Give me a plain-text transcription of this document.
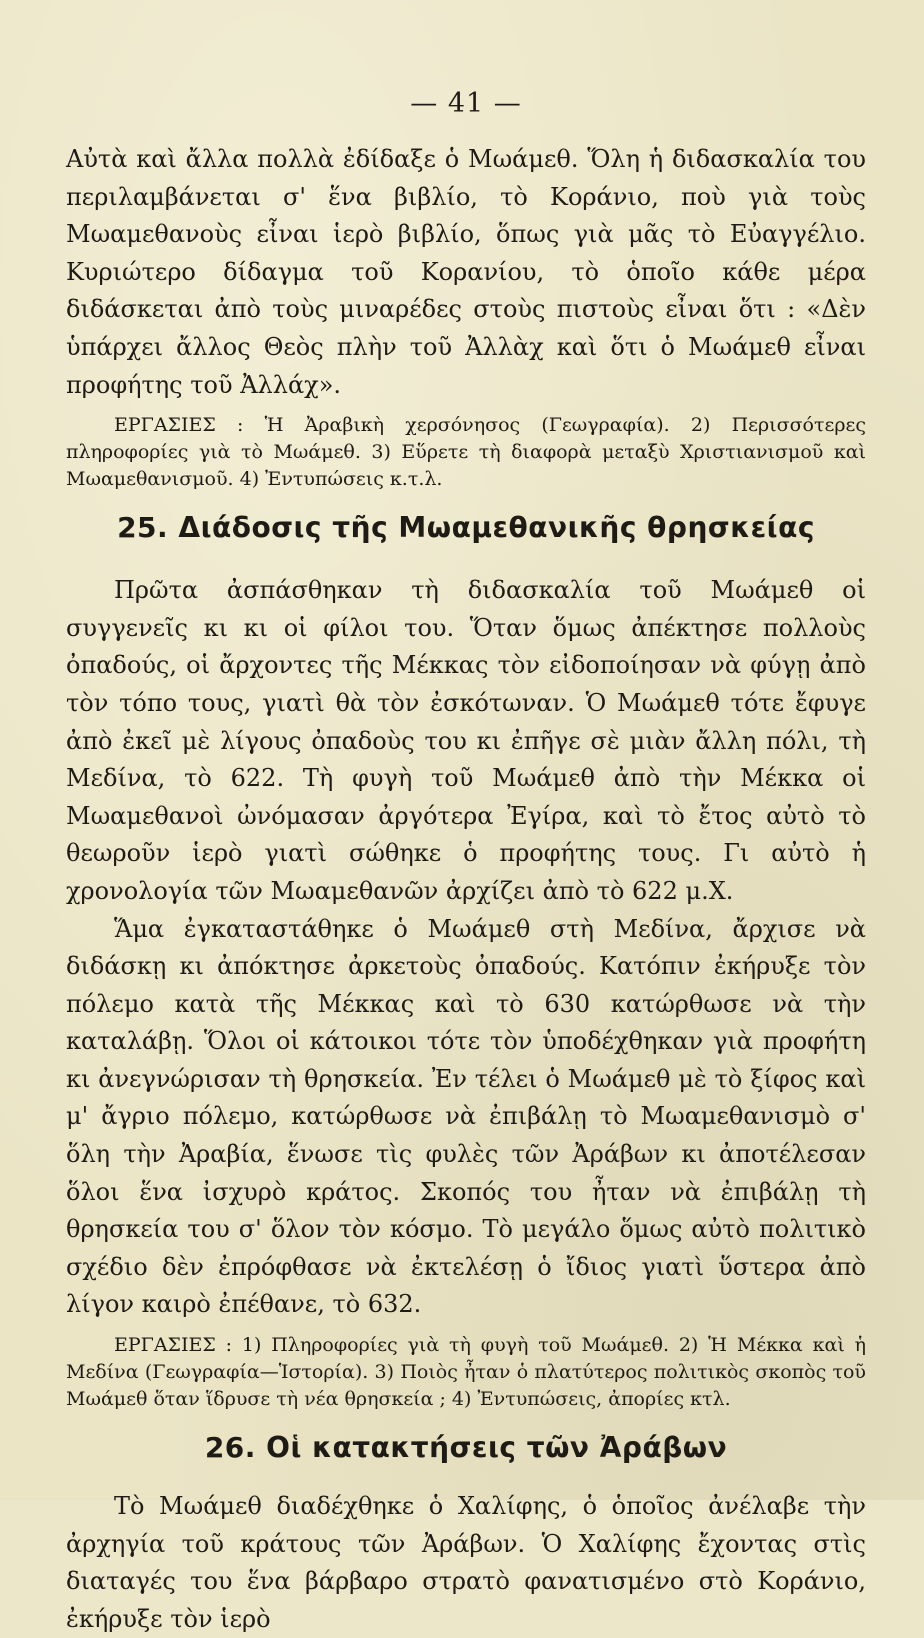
— 41 —

Αὐτὰ καὶ ἄλλα πολλὰ ἐδίδαξε ὁ Μωάμεθ. Ὅλη ἡ διδασκαλία του περιλαμβάνεται σ' ἕνα βιβλίο, τὸ Κοράνιο, ποὺ γιὰ τοὺς Μωαμεθανοὺς εἶναι ἱερὸ βιβλίο, ὅπως γιὰ μᾶς τὸ Εὐαγγέλιο. Κυριώτερο δίδαγμα τοῦ Κορανίου, τὸ ὁποῖο κάθε μέρα διδάσκεται ἀπὸ τοὺς μιναρέδες στοὺς πιστοὺς εἶναι ὅτι : «Δὲν ὑπάρχει ἄλλος Θεὸς πλὴν τοῦ Ἀλλὰχ καὶ ὅτι ὁ Μωάμεθ εἶναι προφήτης τοῦ Ἀλλάχ».

ΕΡΓΑΣΙΕΣ : Ἡ Ἀραβικὴ χερσόνησος (Γεωγραφία). 2) Περισσότερες πληροφορίες γιὰ τὸ Μωάμεθ. 3) Εὕρετε τὴ διαφορὰ μεταξὺ Χριστιανισμοῦ καὶ Μωαμεθανισμοῦ. 4) Ἐντυπώσεις κ.τ.λ.

25. Διάδοσις τῆς Μωαμεθανικῆς θρησκείας

Πρῶτα ἀσπάσθηκαν τὴ διδασκαλία τοῦ Μωάμεθ οἱ συγγενεῖς κι κι οἱ φίλοι του. Ὅταν ὅμως ἀπέκτησε πολλοὺς ὀπαδούς, οἱ ἄρχοντες τῆς Μέκκας τὸν εἰδοποίησαν νὰ φύγῃ ἀπὸ τὸν τόπο τους, γιατὶ θὰ τὸν ἐσκότωναν. Ὁ Μωάμεθ τότε ἔφυγε ἀπὸ ἐκεῖ μὲ λίγους ὀπαδοὺς του κι ἐπῆγε σὲ μιὰν ἄλλη πόλι, τὴ Μεδίνα, τὸ 622. Τὴ φυγὴ τοῦ Μωάμεθ ἀπὸ τὴν Μέκκα οἱ Μωαμεθανοὶ ὠνόμασαν ἀργότερα Ἐγίρα, καὶ τὸ ἔτος αὐτὸ τὸ θεωροῦν ἱερὸ γιατὶ σώθηκε ὁ προφήτης τους. Γι αὐτὸ ἡ χρονολογία τῶν Μωαμεθανῶν ἀρχίζει ἀπὸ τὸ 622 μ.Χ.

Ἅμα ἐγκαταστάθηκε ὁ Μωάμεθ στὴ Μεδίνα, ἄρχισε νὰ διδάσκῃ κι ἀπόκτησε ἀρκετοὺς ὀπαδούς. Κατόπιν ἐκήρυξε τὸν πόλεμο κατὰ τῆς Μέκκας καὶ τὸ 630 κατώρθωσε νὰ τὴν καταλάβῃ. Ὅλοι οἱ κάτοικοι τότε τὸν ὑποδέχθηκαν γιὰ προφήτη κι ἀνεγνώρισαν τὴ θρησκεία. Ἐν τέλει ὁ Μωάμεθ μὲ τὸ ξίφος καὶ μ' ἄγριο πόλεμο, κατώρθωσε νὰ ἐπιβάλῃ τὸ Μωαμεθανισμὸ σ' ὅλη τὴν Ἀραβία, ἕνωσε τὶς φυλὲς τῶν Ἀράβων κι ἀποτέλεσαν ὅλοι ἕνα ἰσχυρὸ κράτος. Σκοπός του ἦταν νὰ ἐπιβάλῃ τὴ θρησκεία του σ' ὅλον τὸν κόσμο. Τὸ μεγάλο ὅμως αὐτὸ πολιτικὸ σχέδιο δὲν ἐπρόφθασε νὰ ἐκτελέσῃ ὁ ἴδιος γιατὶ ὕστερα ἀπὸ λίγον καιρὸ ἐπέθανε, τὸ 632.

ΕΡΓΑΣΙΕΣ : 1) Πληροφορίες γιὰ τὴ φυγὴ τοῦ Μωάμεθ. 2) Ἡ Μέκκα καὶ ἡ Μεδίνα (Γεωγραφία—Ἱστορία). 3) Ποιὸς ἦταν ὁ πλατύτερος πολιτικὸς σκοπὸς τοῦ Μωάμεθ ὅταν ἵδρυσε τὴ νέα θρησκεία ; 4) Ἐντυπώσεις, ἀπορίες κτλ.

26. Οἱ κατακτήσεις τῶν Ἀράβων

Τὸ Μωάμεθ διαδέχθηκε ὁ Χαλίφης, ὁ ὁποῖος ἀνέλαβε τὴν ἀρχηγία τοῦ κράτους τῶν Ἀράβων. Ὁ Χαλίφης ἔχοντας στὶς διαταγές του ἕνα βάρβαρο στρατὸ φανατισμένο στὸ Κοράνιο, ἐκήρυξε τὸν ἱερὸ
